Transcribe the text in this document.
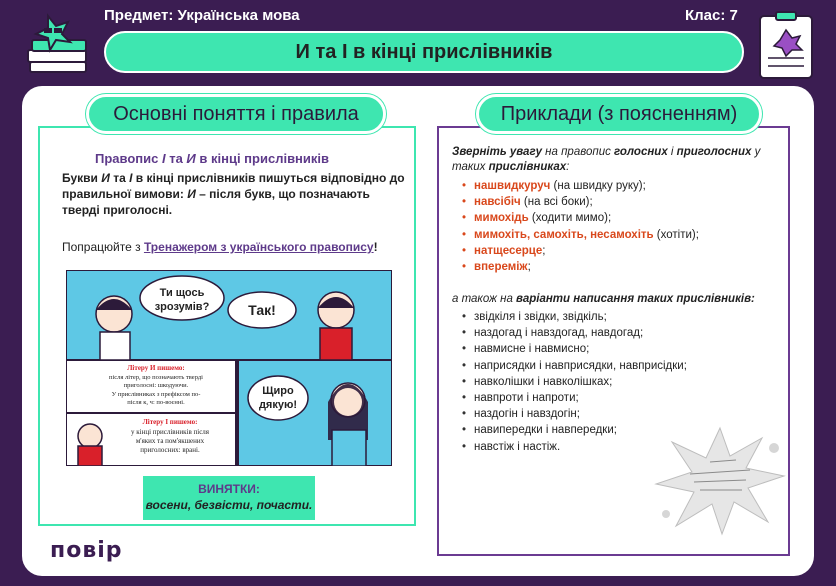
Предмет: Українська мова	Клас: 7
И та І в кінці прислівників
Основні поняття і правила	Приклади (з поясненням)
Правопис І та И в кінці прислівників
Букви И та І в кінці прислівників пишуться відповідно до правильної вимови: И – після букв, що позначають тверді приголосні.
Попрацюйте з Тренажером з українського правопису!
Ти щось
зрозумів?	Так!
Щиро
дякую!
Літеру И пишемо:
після літер, що позначають тверді
приголосні: шкодуючи.
У прислівниках з префіксом по-
після к, ч: по-воєнні.
Літеру І пишемо:
у кінці прислівників після
м'яких та пом'якшених
приголосних: врані.
ВИНЯТКИ:
восени, безвісти, почасти.
повір
Зверніть увагу на правопис голосних і приголосних у таких прислівниках:
• нашвидкуруч (на швидку руку);
• навсібіч (на всі боки);
• мимохідь (ходити мимо);
• мимохіть, самохіть, несамохіть (хотіти);
• натщесерце;
• впереміж;
а також на варіанти написання таких прислівників:
• звідкіля і звідки, звідкіль;
• наздогад і навздогад, навдогад;
• навмисне і навмисно;
• наприсядки і навприсядки, навприсідки;
• навколішки і навколішках;
• навпроти і напроти;
• наздогін і навздогін;
• навипередки і навпередки;
• навстіж і настіж.
